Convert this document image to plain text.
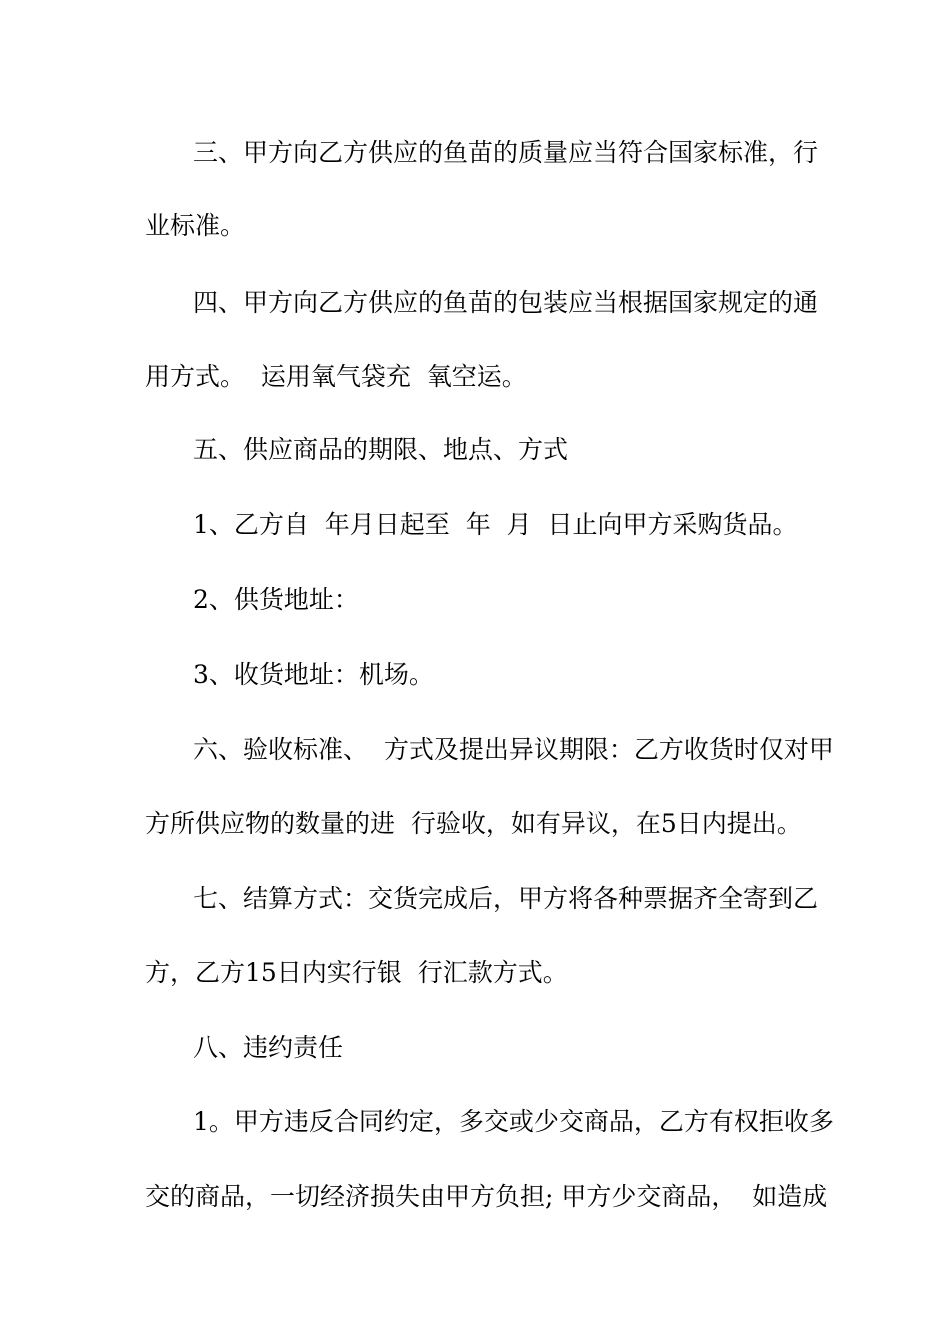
三、甲方向乙方供应的鱼苗的质量应当符合国家标准，行
业标准。
四、甲方向乙方供应的鱼苗的包装应当根据国家规定的通
用方式。  运用氧气袋充  氧空运。
五、供应商品的期限、地点、方式
1、乙方自  年月日起至  年  月  日止向甲方采购货品。
2、供货地址：
3、收货地址：机场。
六、验收标准、  方式及提出异议期限：乙方收货时仅对甲
方所供应物的数量的进  行验收，如有异议，在5日内提出。
七、结算方式：交货完成后，甲方将各种票据齐全寄到乙
方，乙方15日内实行银  行汇款方式。
八、违约责任
1。甲方违反合同约定，多交或少交商品，乙方有权拒收多
交的商品，一切经济损失由甲方负担; 甲方少交商品，  如造成
